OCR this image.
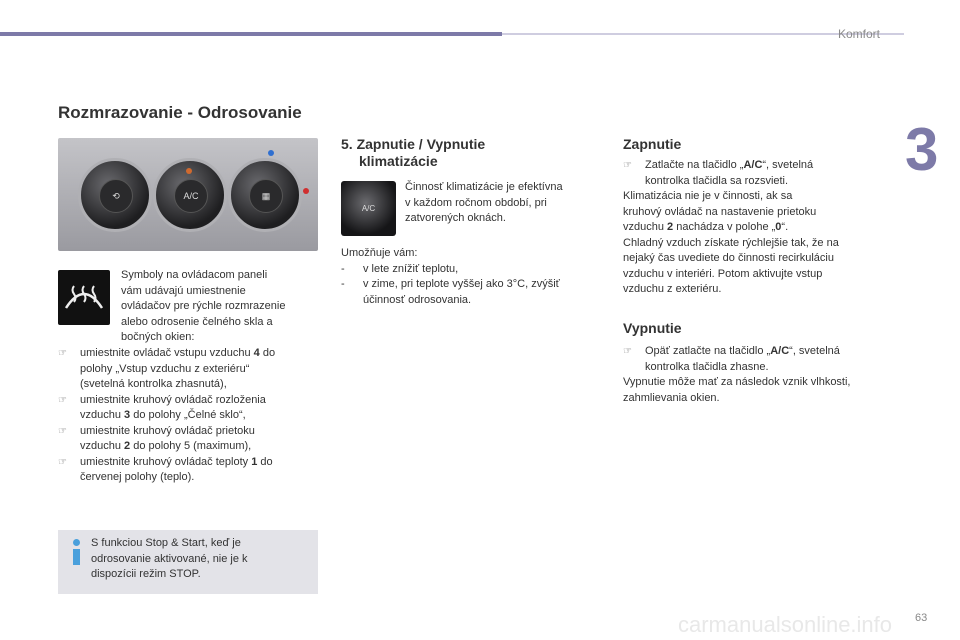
Komfort
3
Rozmrazovanie - Odrosovanie
⟲	A/C	▦
Symboly na ovládacom paneli
vám udávajú umiestnenie
ovládačov pre rýchle rozmrazenie
alebo odrosenie čelného skla a
bočných okien:
☞ umiestnite ovládač vstupu vzduchu 4 do
polohy „Vstup vzduchu z exteriéru“
(svetelná kontrolka zhasnutá),
☞ umiestnite kruhový ovládač rozloženia
vzduchu 3 do polohy „Čelné sklo“,
☞ umiestnite kruhový ovládač prietoku
vzduchu 2 do polohy 5 (maximum),
☞ umiestnite kruhový ovládač teploty 1 do
červenej polohy (teplo).
S funkciou Stop & Start, keď je
odrosovanie aktivované, nie je k
dispozícii režim STOP.
5. Zapnutie / Vypnutie
klimatizácie
A/C
Činnosť klimatizácie je efektívna
v každom ročnom období, pri
zatvorených oknách.
Umožňuje vám:
- v lete znížiť teplotu,
- v zime, pri teplote vyššej ako 3°C, zvýšiť
účinnosť odrosovania.
Zapnutie
☞ Zatlačte na tlačidlo „A/C“, svetelná
kontrolka tlačidla sa rozsvieti.
Klimatizácia nie je v činnosti, ak sa
kruhový ovládač na nastavenie prietoku
vzduchu 2 nachádza v polohe „0“.
Chladný vzduch získate rýchlejšie tak, že na
nejaký čas uvediete do činnosti recirkuláciu
vzduchu v interiéri. Potom aktivujte vstup
vzduchu z exteriéru.
Vypnutie
☞ Opäť zatlačte na tlačidlo „A/C“, svetelná
kontrolka tlačidla zhasne.
Vypnutie môže mať za následok vznik vlhkosti,
zahmlievania okien.
carmanualsonline.info 63
